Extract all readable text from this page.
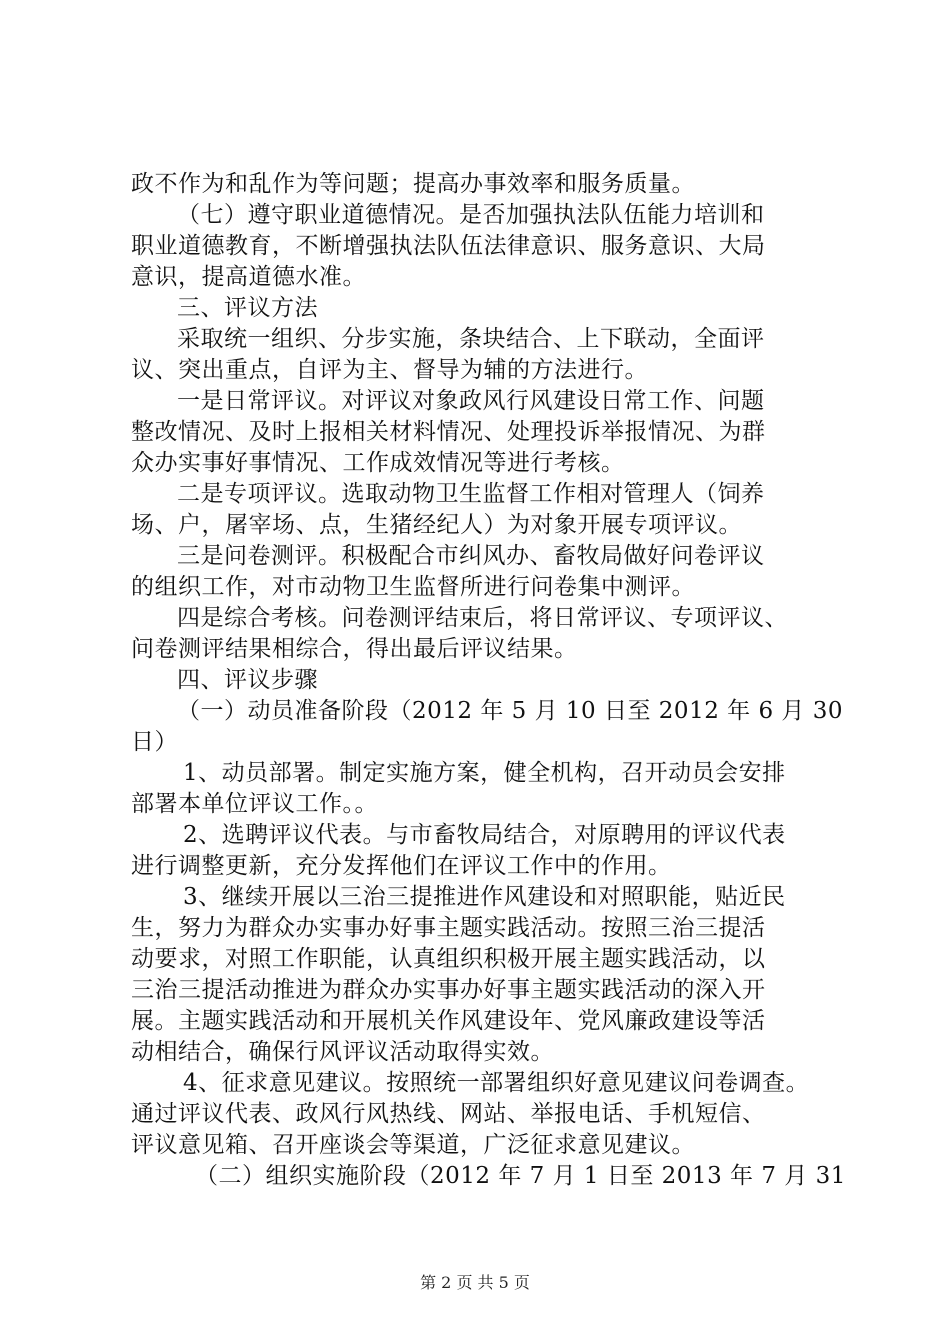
政不作为和乱作为等问题；提高办事效率和服务质量。
（七）遵守职业道德情况。是否加强执法队伍能力培训和
职业道德教育，不断增强执法队伍法律意识、服务意识、大局
意识，提高道德水准。
三、评议方法
采取统一组织、分步实施，条块结合、上下联动，全面评
议、突出重点，自评为主、督导为辅的方法进行。
一是日常评议。对评议对象政风行风建设日常工作、问题
整改情况、及时上报相关材料情况、处理投诉举报情况、为群
众办实事好事情况、工作成效情况等进行考核。
二是专项评议。选取动物卫生监督工作相对管理人（饲养
场、户，屠宰场、点，生猪经纪人）为对象开展专项评议。
三是问卷测评。积极配合市纠风办、畜牧局做好问卷评议
的组织工作，对市动物卫生监督所进行问卷集中测评。
四是综合考核。问卷测评结束后，将日常评议、专项评议、
问卷测评结果相综合，得出最后评议结果。
四、评议步骤
（一）动员准备阶段（2012 年 5 月 10 日至 2012 年 6 月 30
日）
1、动员部署。制定实施方案，健全机构，召开动员会安排
部署本单位评议工作。。
2、选聘评议代表。与市畜牧局结合，对原聘用的评议代表
进行调整更新，充分发挥他们在评议工作中的作用。
3、继续开展以三治三提推进作风建设和对照职能，贴近民
生，努力为群众办实事办好事主题实践活动。按照三治三提活
动要求，对照工作职能，认真组织积极开展主题实践活动，以
三治三提活动推进为群众办实事办好事主题实践活动的深入开
展。主题实践活动和开展机关作风建设年、党风廉政建设等活
动相结合，确保行风评议活动取得实效。
4、征求意见建议。按照统一部署组织好意见建议问卷调查。
通过评议代表、政风行风热线、网站、举报电话、手机短信、
评议意见箱、召开座谈会等渠道，广泛征求意见建议。
（二）组织实施阶段（2012 年 7 月 1 日至 2013 年 7 月 31
第 2 页 共 5 页
